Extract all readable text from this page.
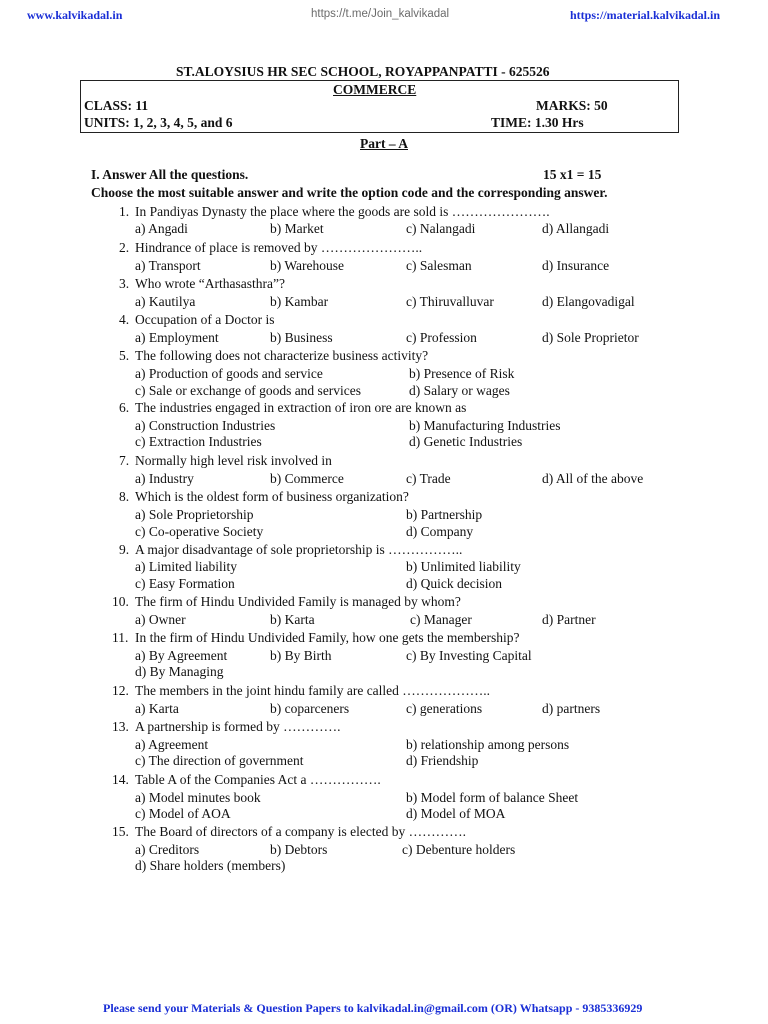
www.kalvikadal.in	https://t.me/Join_kalvikadal	https://material.kalvikadal.in
ST.ALOYSIUS HR SEC SCHOOL, ROYAPPANPATTI - 625526
COMMERCE
CLASS: 11	MARKS: 50
UNITS: 1, 2, 3, 4, 5, and 6	TIME: 1.30 Hrs
Part – A
I. Answer All the questions.	15 x1 = 15
Choose the most suitable answer and write the option code and the corresponding answer.
1. In Pandiyas Dynasty the place where the goods are sold is ………………….
a) Angadi	b) Market	c) Nalangadi	d) Allangadi
2. Hindrance of place is removed by …………………..
a) Transport	b) Warehouse	c) Salesman	d) Insurance
3. Who wrote “Arthasasthra”?
a) Kautilya	b) Kambar	c) Thiruvalluvar	d) Elangovadigal
4. Occupation of a Doctor is
a) Employment	b) Business	c) Profession	d) Sole Proprietor
5. The following does not characterize business activity?
a) Production of goods and service	b) Presence of Risk
c) Sale or exchange of goods and services	d) Salary or wages
6. The industries engaged in extraction of iron ore are known as
a) Construction Industries	b) Manufacturing Industries
c) Extraction Industries	d) Genetic Industries
7. Normally high level risk involved in
a) Industry	b) Commerce	c) Trade	d) All of the above
8. Which is the oldest form of business organization?
a) Sole Proprietorship	b) Partnership
c) Co-operative Society	d) Company
9. A major disadvantage of sole proprietorship is ……………..
a) Limited liability	b) Unlimited liability
c) Easy Formation	d) Quick decision
10. The firm of Hindu Undivided Family is managed by whom?
a) Owner	b) Karta	c) Manager	d) Partner
11. In the firm of Hindu Undivided Family, how one gets the membership?
a) By Agreement	b) By Birth	c) By Investing Capital
d) By Managing
12. The members in the joint hindu family are called ………………..
a) Karta	b) coparceners	c) generations	d) partners
13. A partnership is formed by ………….
a) Agreement	b) relationship among persons
c) The direction of government	d) Friendship
14. Table A of the Companies Act a …………….
a) Model minutes book	b) Model form of balance Sheet
c) Model of AOA	d) Model of MOA
15. The Board of directors of a company is elected by ………….
a) Creditors	b) Debtors	c) Debenture holders
d) Share holders (members)
Please send your Materials & Question Papers to kalvikadal.in@gmail.com (OR) Whatsapp - 9385336929
